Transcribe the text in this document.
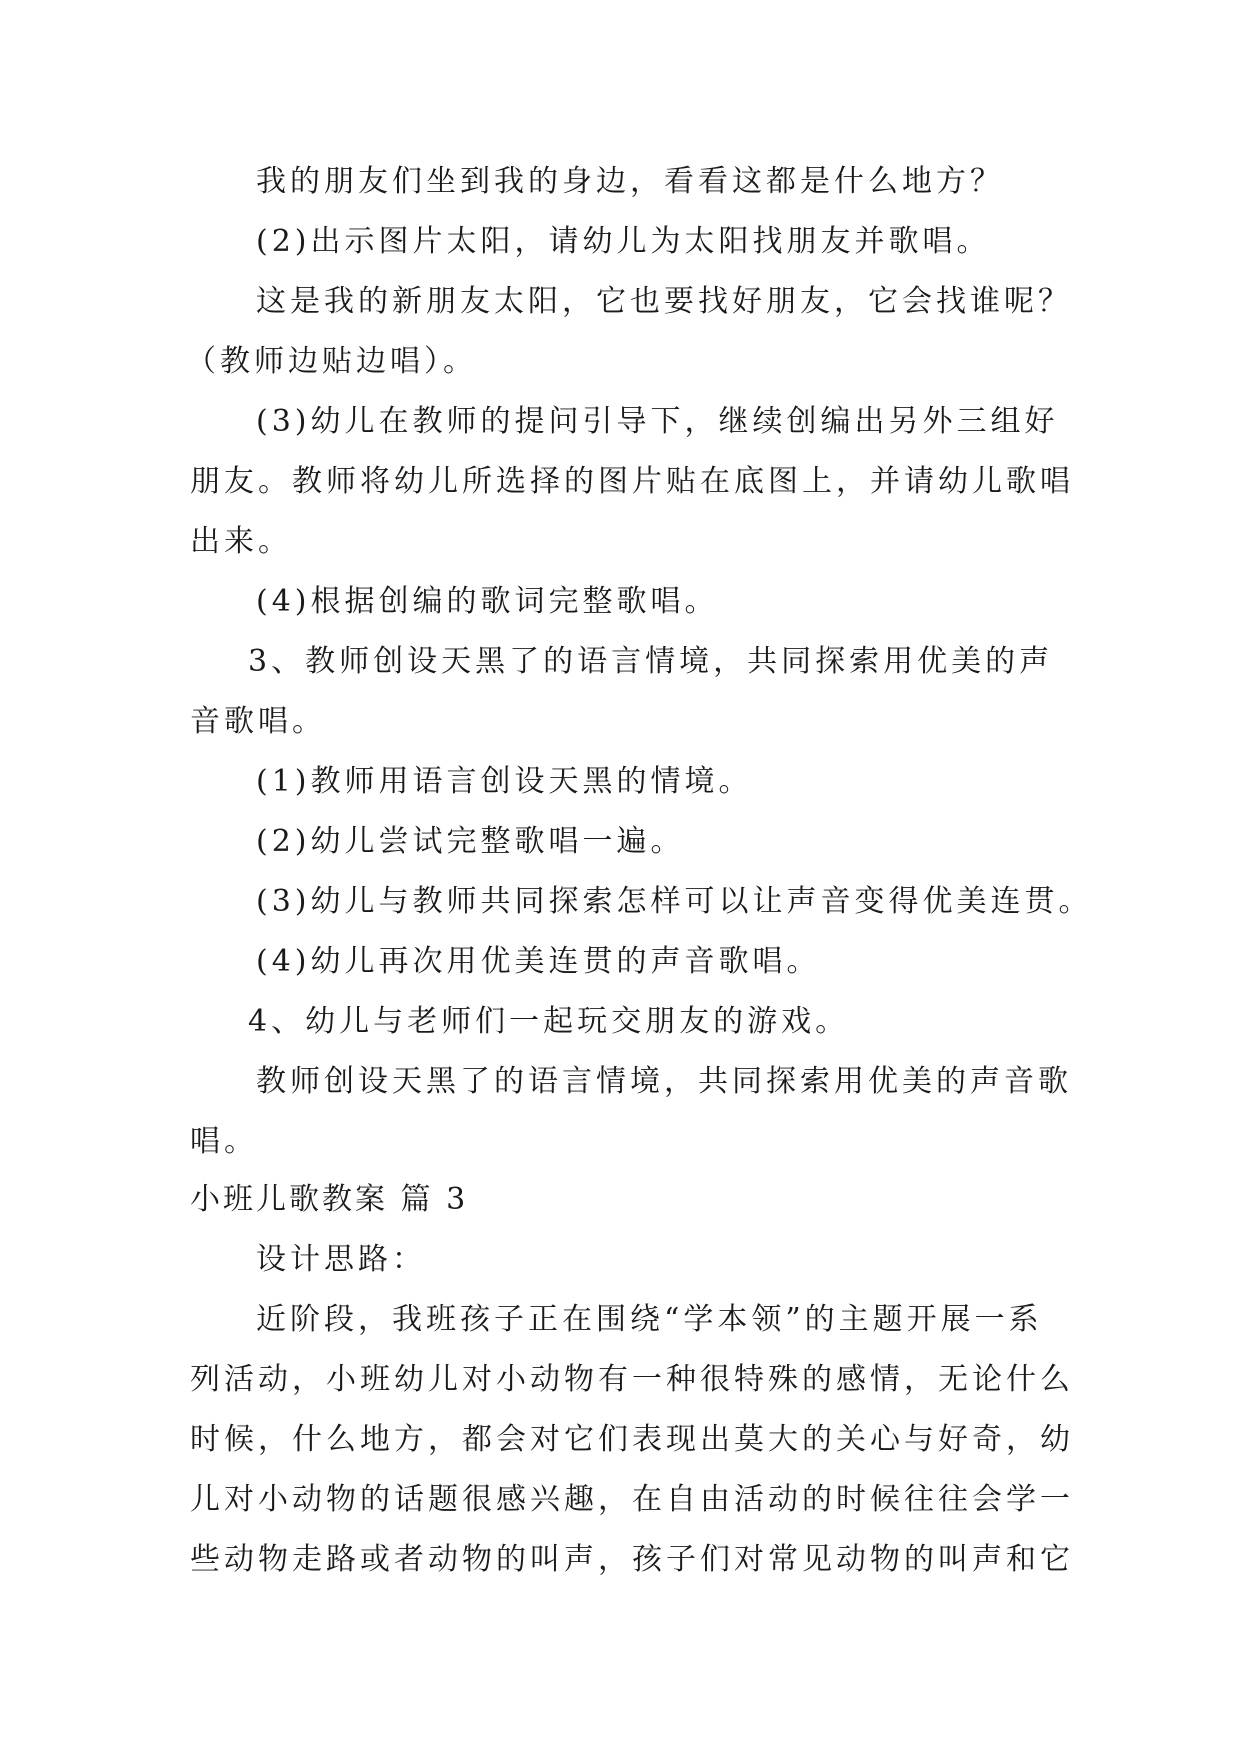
我的朋友们坐到我的身边，看看这都是什么地方？
(2)出示图片太阳，请幼儿为太阳找朋友并歌唱。
这是我的新朋友太阳，它也要找好朋友，它会找谁呢？
（教师边贴边唱）。
(3)幼儿在教师的提问引导下，继续创编出另外三组好
朋友。教师将幼儿所选择的图片贴在底图上，并请幼儿歌唱
出来。
(4)根据创编的歌词完整歌唱。
3、教师创设天黑了的语言情境，共同探索用优美的声
音歌唱。
(1)教师用语言创设天黑的情境。
(2)幼儿尝试完整歌唱一遍。
(3)幼儿与教师共同探索怎样可以让声音变得优美连贯。
(4)幼儿再次用优美连贯的声音歌唱。
4、幼儿与老师们一起玩交朋友的游戏。
教师创设天黑了的语言情境，共同探索用优美的声音歌
唱。
小班儿歌教案 篇 3
设计思路：
近阶段，我班孩子正在围绕“学本领”的主题开展一系
列活动，小班幼儿对小动物有一种很特殊的感情，无论什么
时候，什么地方，都会对它们表现出莫大的关心与好奇，幼
儿对小动物的话题很感兴趣，在自由活动的时候往往会学一
些动物走路或者动物的叫声，孩子们对常见动物的叫声和它
